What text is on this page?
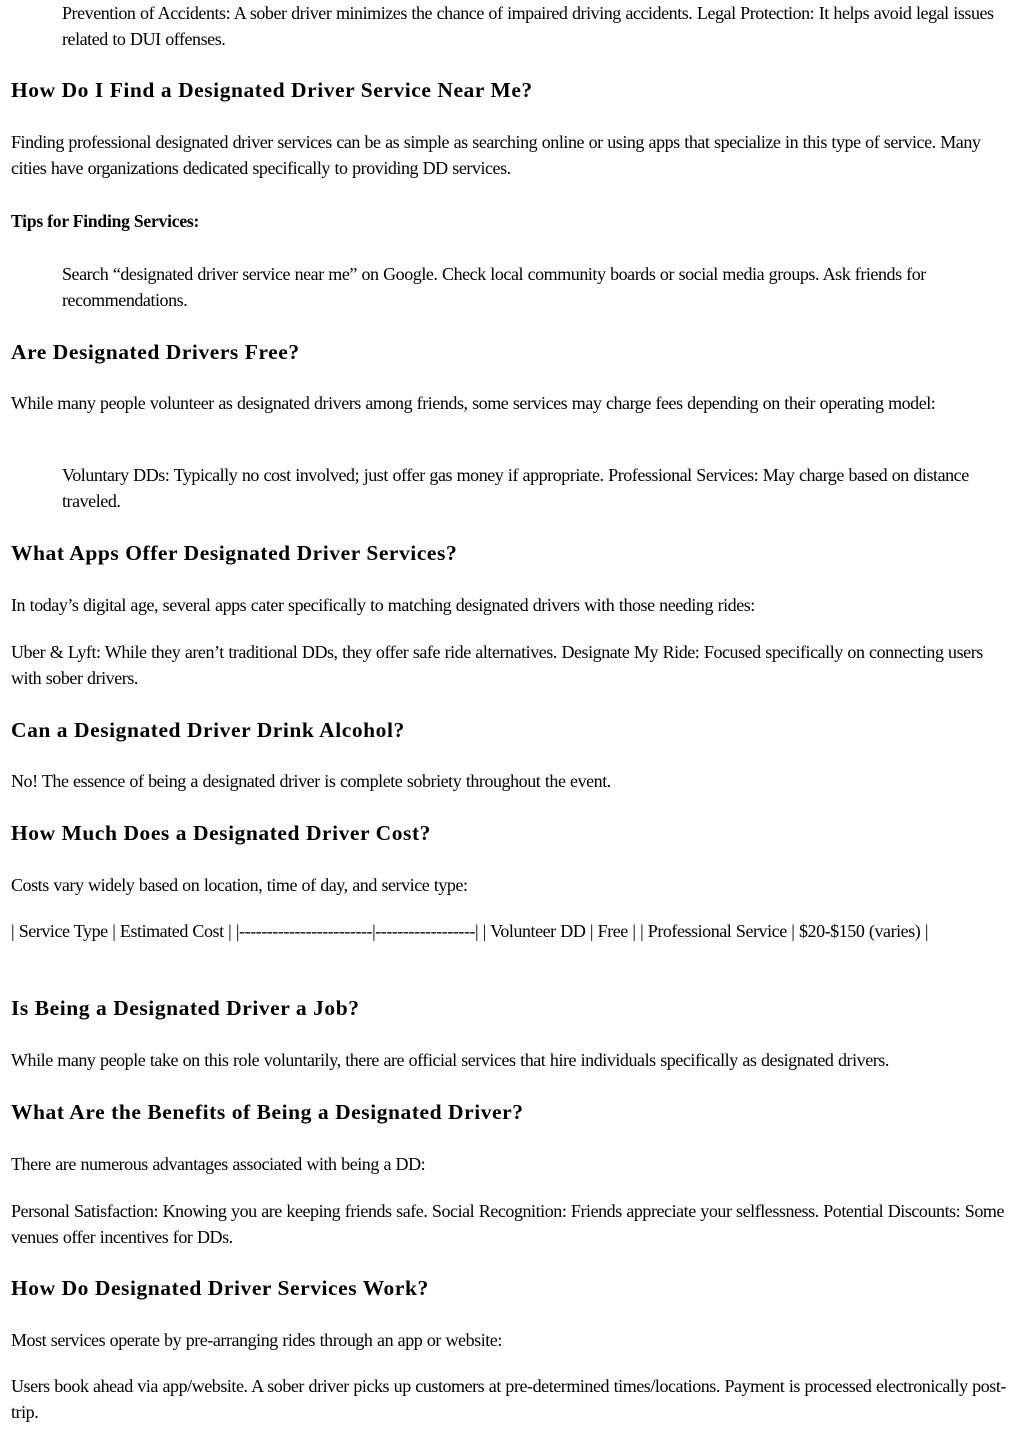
Prevention of Accidents: A sober driver minimizes the chance of impaired driving accidents. Legal Protection: It helps avoid legal issues related to DUI offenses.

How Do I Find a Designated Driver Service Near Me?

Finding professional designated driver services can be as simple as searching online or using apps that specialize in this type of service. Many cities have organizations dedicated specifically to providing DD services.

Tips for Finding Services:

Search “designated driver service near me” on Google. Check local community boards or social media groups. Ask friends for recommendations.

Are Designated Drivers Free?

While many people volunteer as designated drivers among friends, some services may charge fees depending on their operating model:

Voluntary DDs: Typically no cost involved; just offer gas money if appropriate. Professional Services: May charge based on distance traveled.

What Apps Offer Designated Driver Services?

In today’s digital age, several apps cater specifically to matching designated drivers with those needing rides:

Uber & Lyft: While they aren’t traditional DDs, they offer safe ride alternatives. Designate My Ride: Focused specifically on connecting users with sober drivers.

Can a Designated Driver Drink Alcohol?

No! The essence of being a designated driver is complete sobriety throughout the event.

How Much Does a Designated Driver Cost?

Costs vary widely based on location, time of day, and service type:

| Service Type | Estimated Cost | |------------------------|------------------| | Volunteer DD | Free | | Professional Service | $20-$150 (varies) |

Is Being a Designated Driver a Job?

While many people take on this role voluntarily, there are official services that hire individuals specifically as designated drivers.

What Are the Benefits of Being a Designated Driver?

There are numerous advantages associated with being a DD:

Personal Satisfaction: Knowing you are keeping friends safe. Social Recognition: Friends appreciate your selflessness. Potential Discounts: Some venues offer incentives for DDs.

How Do Designated Driver Services Work?

Most services operate by pre-arranging rides through an app or website:

Users book ahead via app/website. A sober driver picks up customers at pre-determined times/locations. Payment is processed electronically post-trip.
